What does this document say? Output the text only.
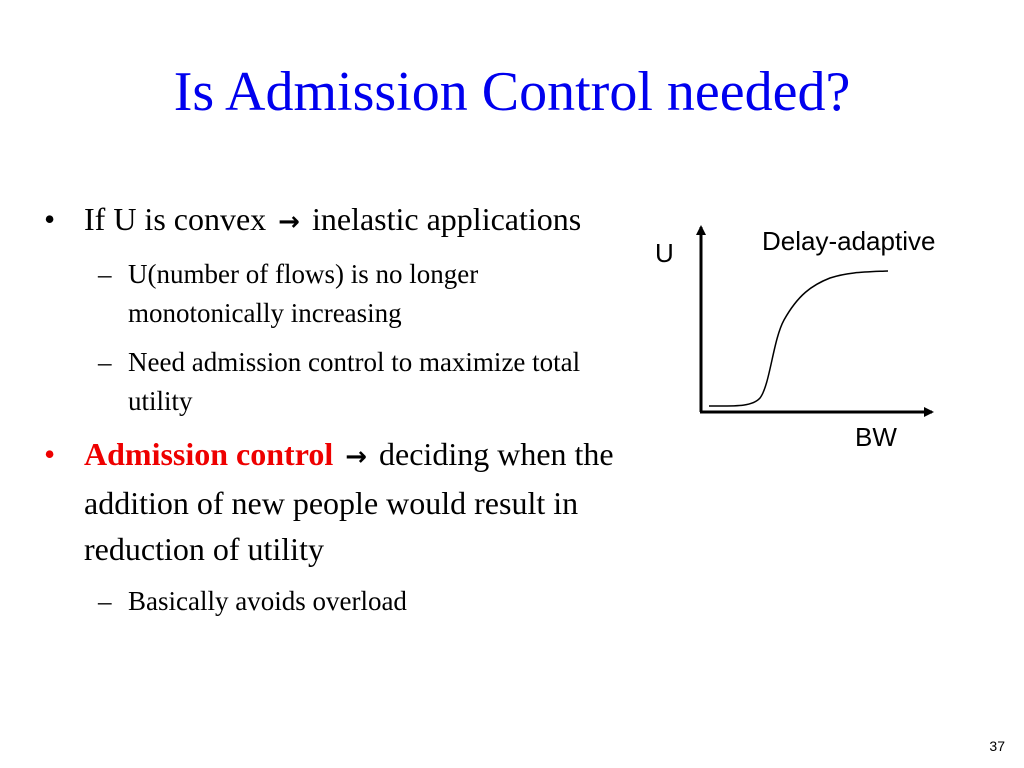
Is Admission Control needed?
• If U is convex → inelastic applications
– U(number of flows) is no longer monotonically increasing
– Need admission control to maximize total utility
• Admission control → deciding when the addition of new people would result in reduction of utility
– Basically avoids overload
U	Delay-adaptive
BW
37
